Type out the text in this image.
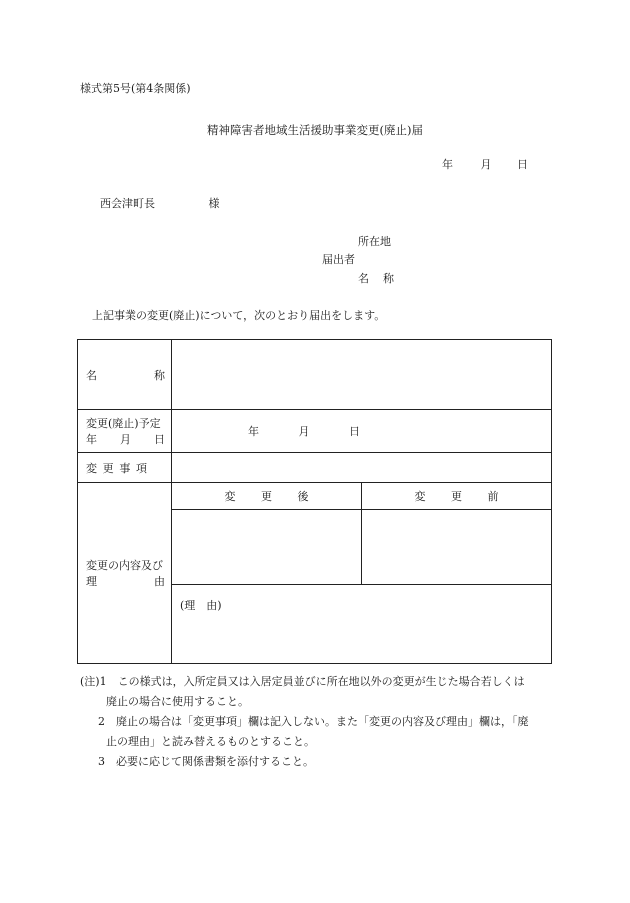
様式第5号(第4条関係)
精神障害者地域生活援助事業変更(廃止)届
年	月 日
西会津町長	様
所在地
届出者
名 称
上記事業の変更(廃止)について，次のとおり届出をします。
名 称		

変更(廃止)予定
年 月 日	年 月 日	

変 更 事 項		

変更の内容及び
理 由	変 更 後	変 更 前

	(理　由)	
(注)1　この様式は，入所定員又は入居定員並びに所在地以外の変更が生じた場合若しくは
廃止の場合に使用すること。
2　廃止の場合は「変更事項」欄は記入しない。また「変更の内容及び理由」欄は，「廃
止の理由」と読み替えるものとすること。
3　必要に応じて関係書類を添付すること。
